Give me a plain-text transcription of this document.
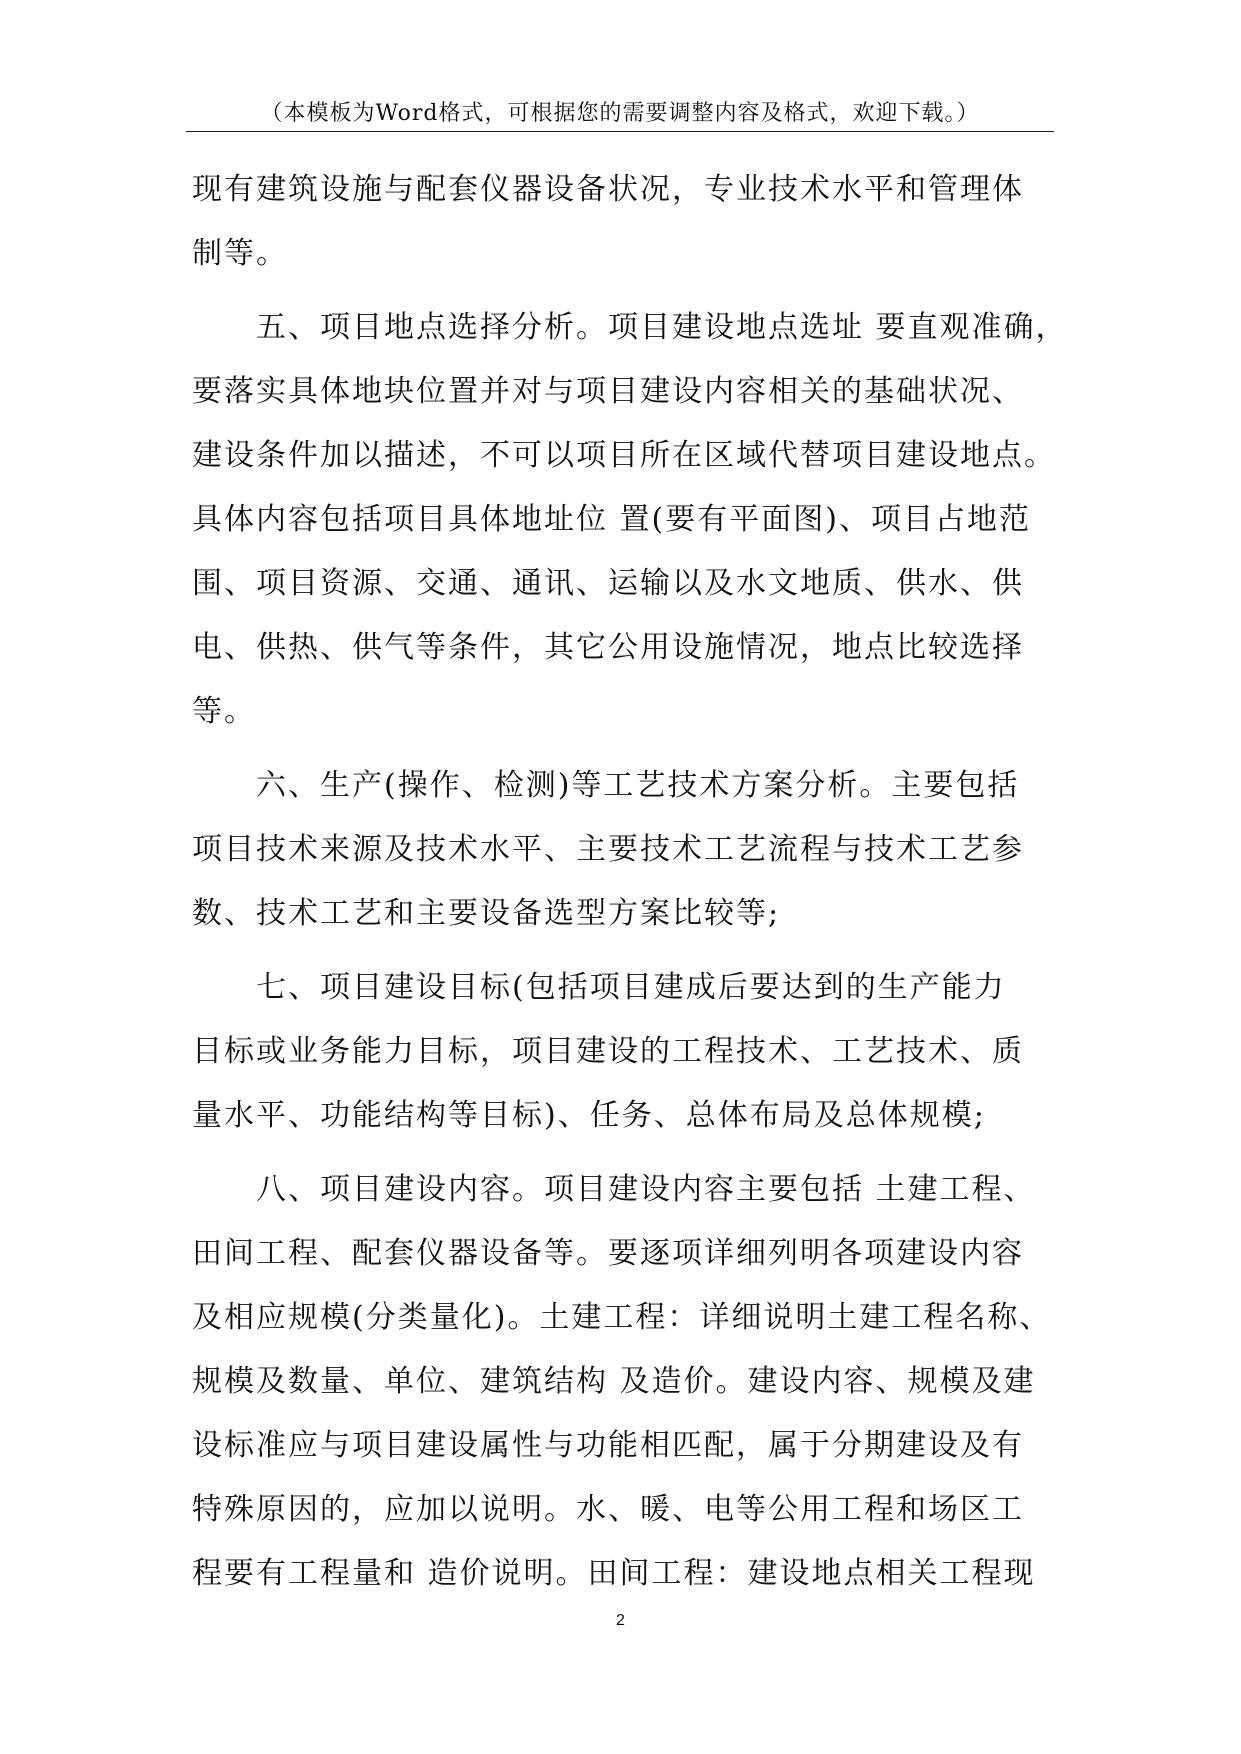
（本模板为Word格式，可根据您的需要调整内容及格式，欢迎下载。）
现有建筑设施与配套仪器设备状况，专业技术水平和管理体
制等。
　　五、项目地点选择分析。项目建设地点选址 要直观准确，
要落实具体地块位置并对与项目建设内容相关的基础状况、
建设条件加以描述，不可以项目所在区域代替项目建设地点。
具体内容包括项目具体地址位 置(要有平面图)、项目占地范
围、项目资源、交通、通讯、运输以及水文地质、供水、供
电、供热、供气等条件，其它公用设施情况，地点比较选择
等。
　　六、生产(操作、检测)等工艺技术方案分析。主要包括
项目技术来源及技术水平、主要技术工艺流程与技术工艺参
数、技术工艺和主要设备选型方案比较等;
　　七、项目建设目标(包括项目建成后要达到的生产能力
目标或业务能力目标，项目建设的工程技术、工艺技术、质
量水平、功能结构等目标)、任务、总体布局及总体规模;
　　八、项目建设内容。项目建设内容主要包括 土建工程、
田间工程、配套仪器设备等。要逐项详细列明各项建设内容
及相应规模(分类量化)。土建工程：详细说明土建工程名称、
规模及数量、单位、建筑结构 及造价。建设内容、规模及建
设标准应与项目建设属性与功能相匹配，属于分期建设及有
特殊原因的，应加以说明。水、暖、电等公用工程和场区工
程要有工程量和 造价说明。田间工程：建设地点相关工程现
2
